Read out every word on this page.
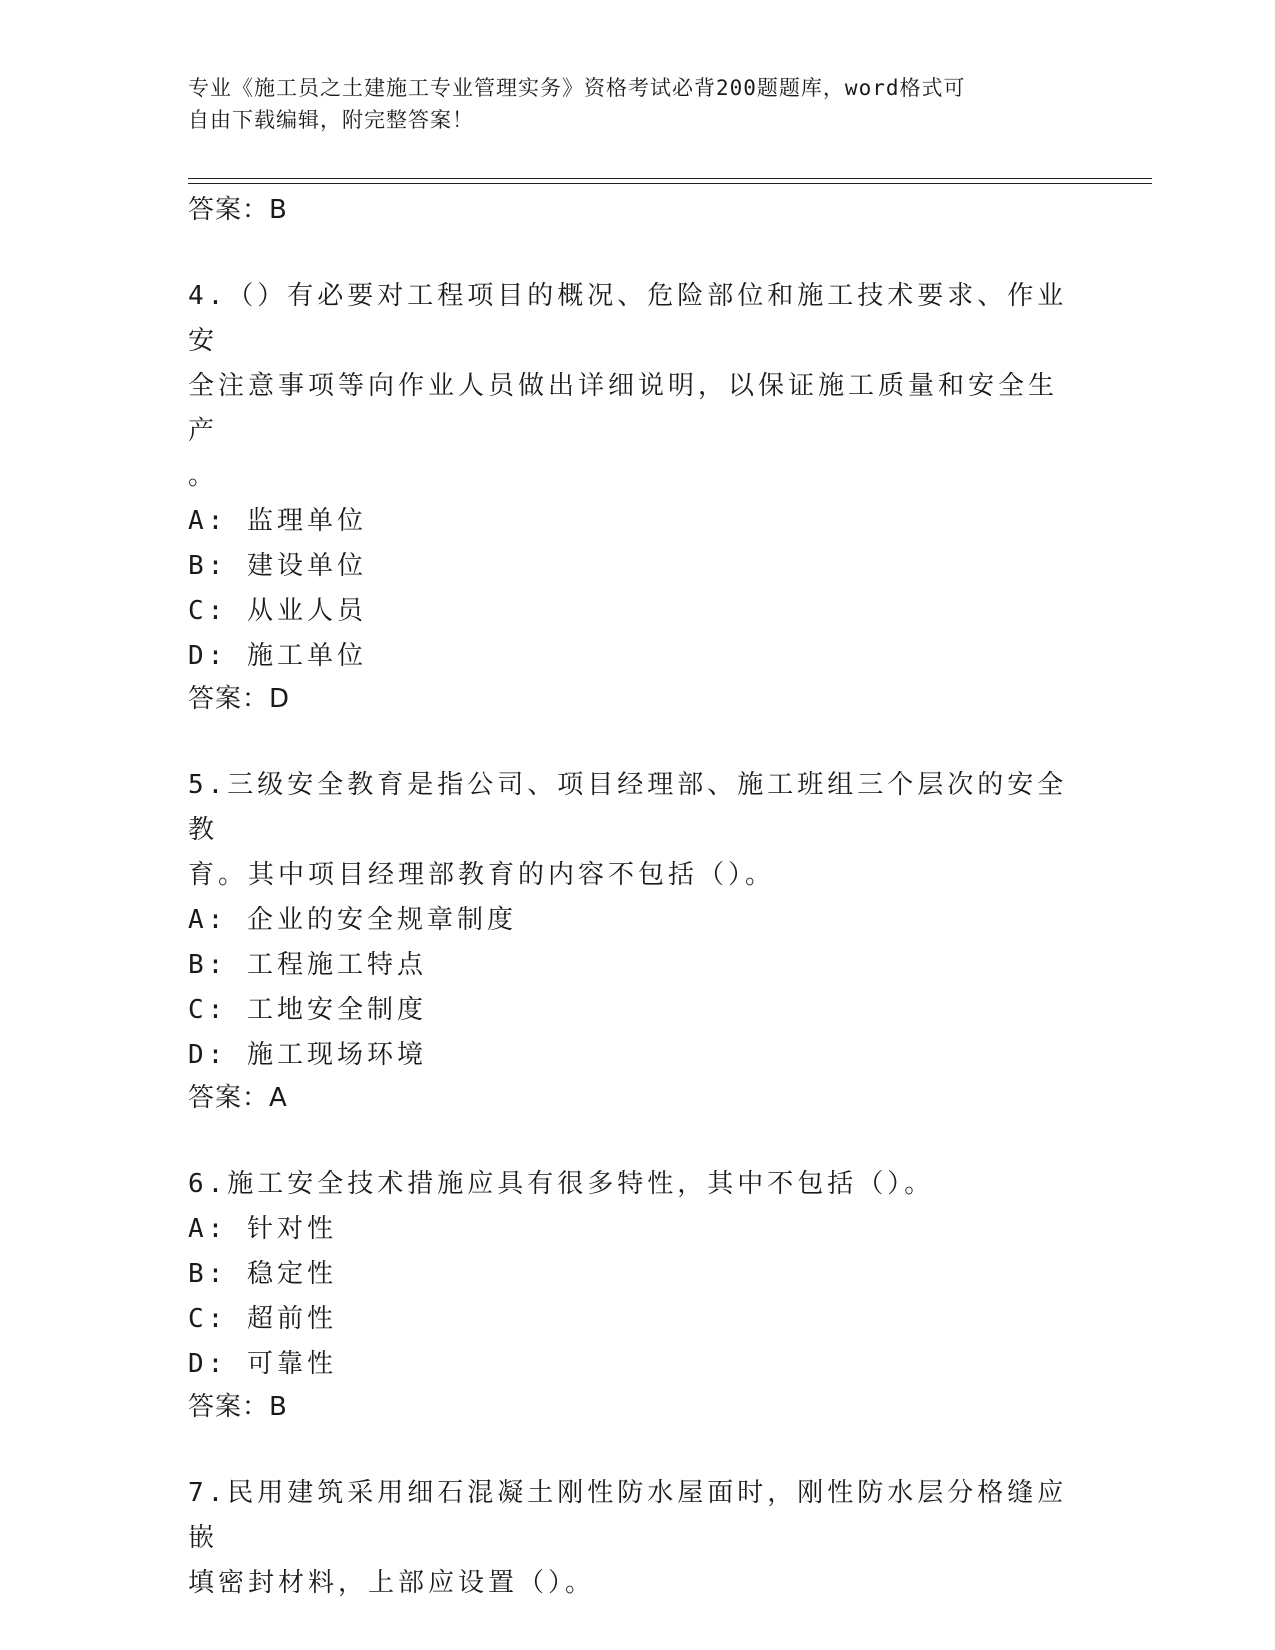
专业《施工员之土建施工专业管理实务》资格考试必背200题题库，word格式可
自由下载编辑，附完整答案！
答案：B
4.（）有必要对工程项目的概况、危险部位和施工技术要求、作业安
全注意事项等向作业人员做出详细说明，以保证施工质量和安全生产
。
A: 监理单位
B: 建设单位
C: 从业人员
D: 施工单位
答案：D
5.三级安全教育是指公司、项目经理部、施工班组三个层次的安全教
育。其中项目经理部教育的内容不包括（）。
A: 企业的安全规章制度
B: 工程施工特点
C: 工地安全制度
D: 施工现场环境
答案：A
6.施工安全技术措施应具有很多特性，其中不包括（）。
A: 针对性
B: 稳定性
C: 超前性
D: 可靠性
答案：B
7.民用建筑采用细石混凝土刚性防水屋面时，刚性防水层分格缝应嵌
填密封材料，上部应设置（）。
